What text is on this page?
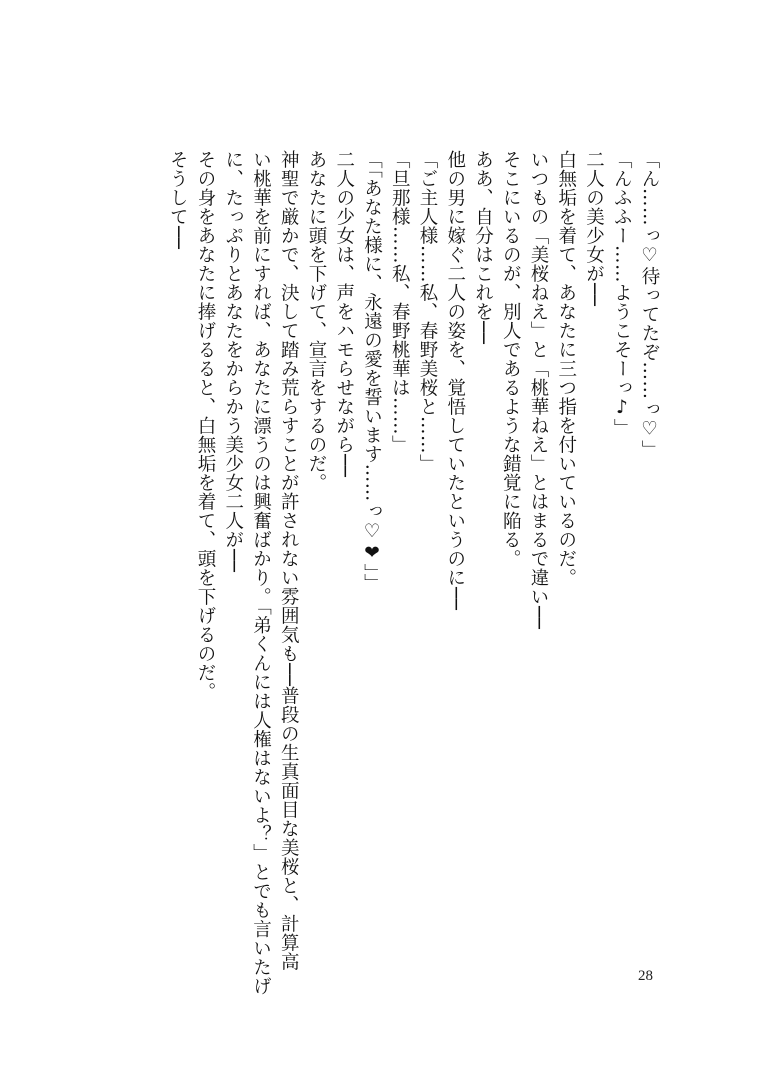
「ん……っ♡待ってたぞ……っ♡」

「んふふー……ようこそーっ♪」

二人の美少女が──

白無垢を着て、あなたに三つ指を付いているのだ。

いつもの「美桜ねえ」と「桃華ねえ」とはまるで違い──

そこにいるのが、別人であるような錯覚に陥る。

ああ、自分はこれを──

他の男に嫁ぐ二人の姿を、覚悟していたというのに──

「ご主人様……私、春野美桜と……」

「旦那様……私、春野桃華は……」

「「あなた様に、永遠の愛を誓います……っ♡❤」」

二人の少女は、声をハモらせながら──

あなたに頭を下げて、宣言をするのだ。

神聖で厳かで、決して踏み荒らすことが許されない雰囲気も──普段の生真面目な美桜と、計算高

い桃華を前にすれば、あなたに漂うのは興奮ばかり。「弟くんには人権はないよ？」とでも言いたげ

に、たっぷりとあなたをからかう美少女二人が──

その身をあなたに捧げるると、白無垢を着て、頭を下げるのだ。

そうして──

28
